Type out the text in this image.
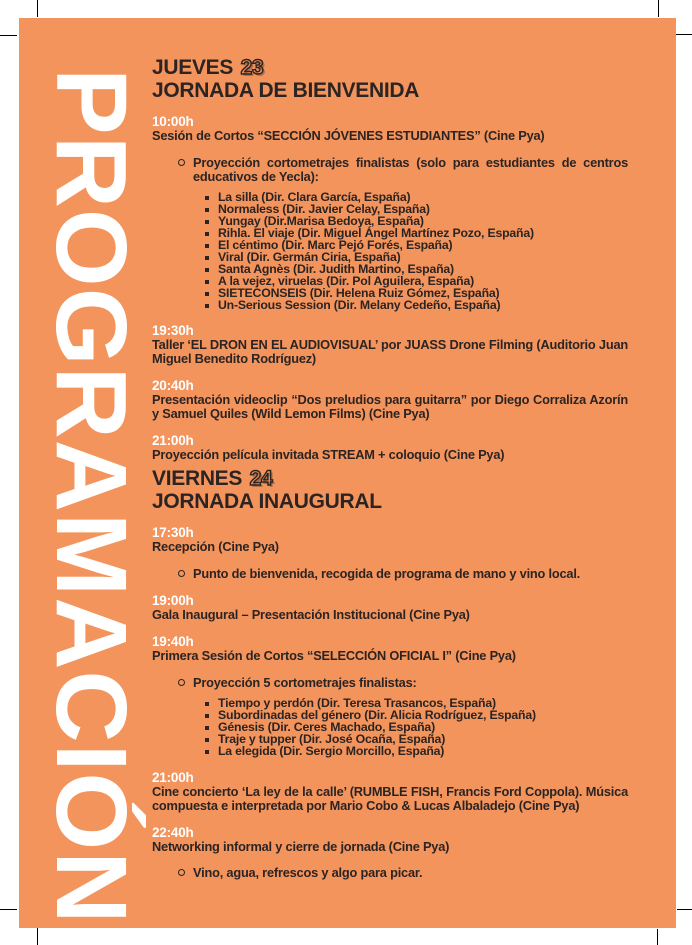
PROGRAMACIÓN
JUEVES 23
JORNADA DE BIENVENIDA
10:00h
Sesión de Cortos “SECCIÓN JÓVENES ESTUDIANTES” (Cine Pya)
Proyección cortometrajes finalistas (solo para estudiantes de centros educativos de Yecla):
La silla (Dir. Clara García, España)
Normaless (Dir. Javier Celay, España)
Yungay (Dir.Marisa Bedoya, España)
Rihla. El viaje (Dir. Miguel Ángel Martínez Pozo, España)
El céntimo (Dir. Marc Pejó Forés, España)
Viral (Dir. Germán Ciria, España)
Santa Agnès (Dir. Judith Martino, España)
A la vejez, viruelas (Dir. Pol Aguilera, España)
SIETECONSEIS (Dir. Helena Ruiz Gómez, España)
Un-Serious Session (Dir. Melany Cedeño, España)
19:30h
Taller ‘EL DRON EN EL AUDIOVISUAL’ por JUASS Drone Filming (Auditorio Juan Miguel Benedito Rodríguez)
20:40h
Presentación videoclip “Dos preludios para guitarra” por Diego Corraliza Azorín y Samuel Quiles (Wild Lemon Films) (Cine Pya)
21:00h
Proyección película invitada STREAM + coloquio (Cine Pya)
VIERNES 24
JORNADA INAUGURAL
17:30h
Recepción (Cine Pya)
Punto de bienvenida, recogida de programa de mano y vino local.
19:00h
Gala Inaugural – Presentación Institucional (Cine Pya)
19:40h
Primera Sesión de Cortos “SELECCIÓN OFICIAL I” (Cine Pya)
Proyección 5 cortometrajes finalistas:
Tiempo y perdón (Dir. Teresa Trasancos, España)
Subordinadas del género (Dir. Alicia Rodríguez, España)
Génesis (Dir. Ceres Machado, España)
Traje y tupper (Dir. José Ocaña, España)
La elegida (Dir. Sergio Morcillo, España)
21:00h
Cine concierto ‘La ley de la calle’ (RUMBLE FISH, Francis Ford Coppola). Música compuesta e interpretada por Mario Cobo & Lucas Albaladejo (Cine Pya)
22:40h
Networking informal y cierre de jornada (Cine Pya)
Vino, agua, refrescos y algo para picar.
